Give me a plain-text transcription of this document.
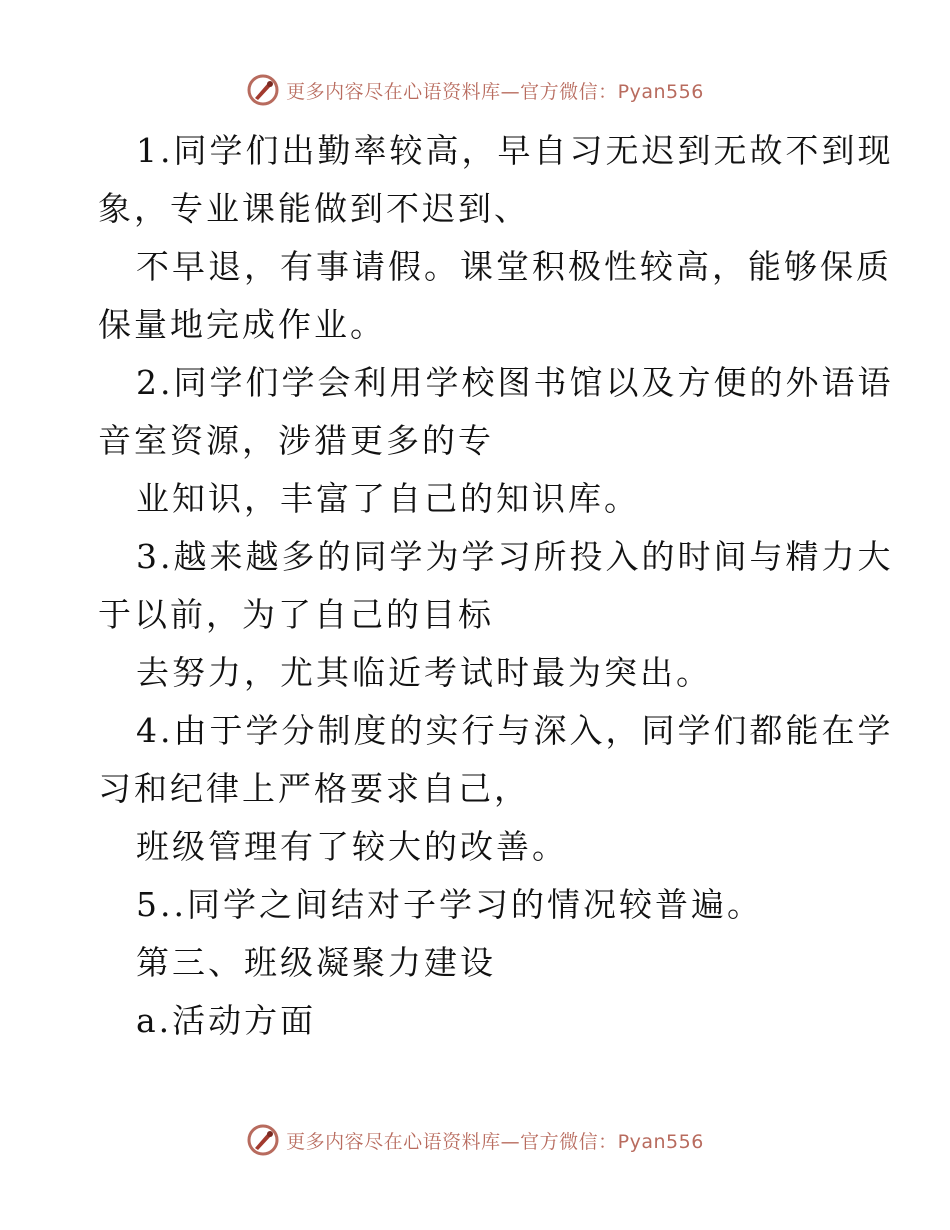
更多内容尽在心语资料库—官方微信：Pyan556

1.同学们出勤率较高，早自习无迟到无故不到现

象，专业课能做到不迟到、

不早退，有事请假。课堂积极性较高，能够保质

保量地完成作业。

2.同学们学会利用学校图书馆以及方便的外语语

音室资源，涉猎更多的专

业知识，丰富了自己的知识库。

3.越来越多的同学为学习所投入的时间与精力大

于以前，为了自己的目标

去努力，尤其临近考试时最为突出。

4.由于学分制度的实行与深入，同学们都能在学

习和纪律上严格要求自己，

班级管理有了较大的改善。

5..同学之间结对子学习的情况较普遍。

第三、班级凝聚力建设

a.活动方面

更多内容尽在心语资料库—官方微信：Pyan556
